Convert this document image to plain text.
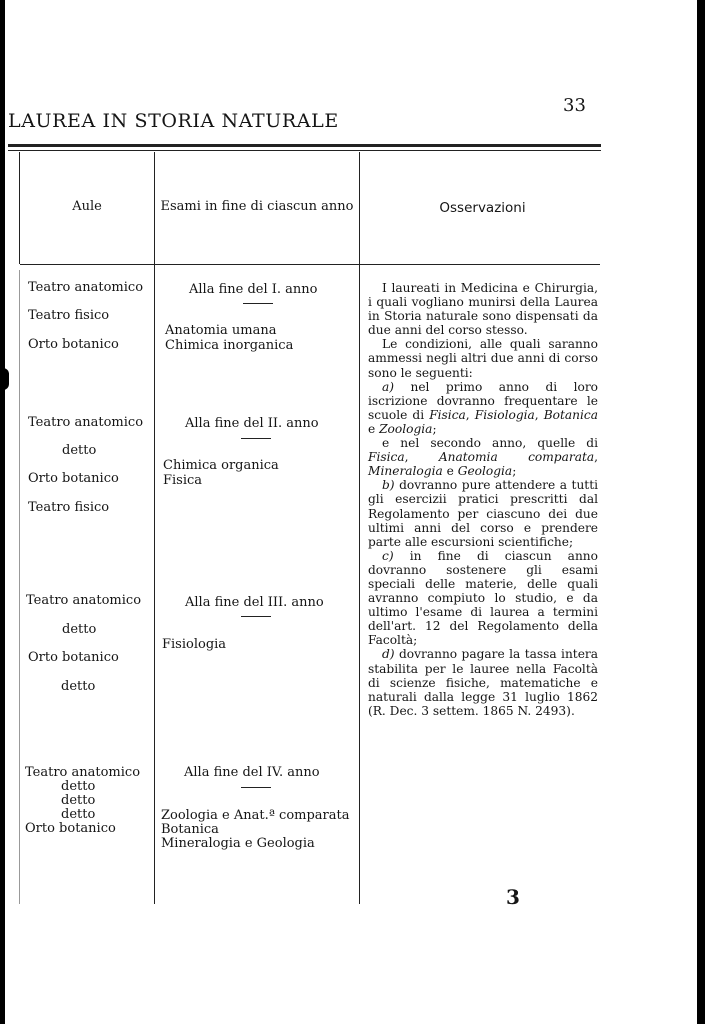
LAUREA IN STORIA NATURALE
33
Aule	Esami in fine di ciascun anno	Osservazioni
Teatro anatomico
Teatro fisico
Orto botanico
Alla fine del I. anno
Anatomia umana
Chimica inorganica
Teatro anatomico
detto
Orto botanico
Teatro fisico
Alla fine del II. anno
Chimica organica
Fisica
Teatro anatomico
detto
Orto botanico
detto
Alla fine del III. anno
Fisiologia
Teatro anatomico
detto
detto
detto
Orto botanico
Alla fine del IV. anno
Zoologia e Anat.ª comparata
Botanica
Mineralogia e Geologia

I laureati in Medicina e Chirurgia, i quali vogliano munirsi della Laurea in Storia naturale sono dispensati da due anni del corso stesso.

Le condizioni, alle quali saranno ammessi negli altri due anni di corso sono le seguenti:

a) nel primo anno di loro iscrizione dovranno frequentare le scuole di Fisica, Fisiologia, Botanica e Zoologia;

e nel secondo anno, quelle di Fisica, Anatomia comparata, Mineralogia e Geologia;

b) dovranno pure attendere a tutti gli esercizii pratici prescritti dal Regolamento per ciascuno dei due ultimi anni del corso e prendere parte alle escursioni scientifiche;

c) in fine di ciascun anno dovranno sostenere gli esami speciali delle materie, delle quali avranno compiuto lo studio, e da ultimo l'esame di laurea a termini dell'art. 12 del Regolamento della Facoltà;

d) dovranno pagare la tassa intera stabilita per le lauree nella Facoltà di scienze fisiche, matematiche e naturali dalla legge 31 luglio 1862 (R. Dec. 3 settem. 1865 N. 2493).

3
